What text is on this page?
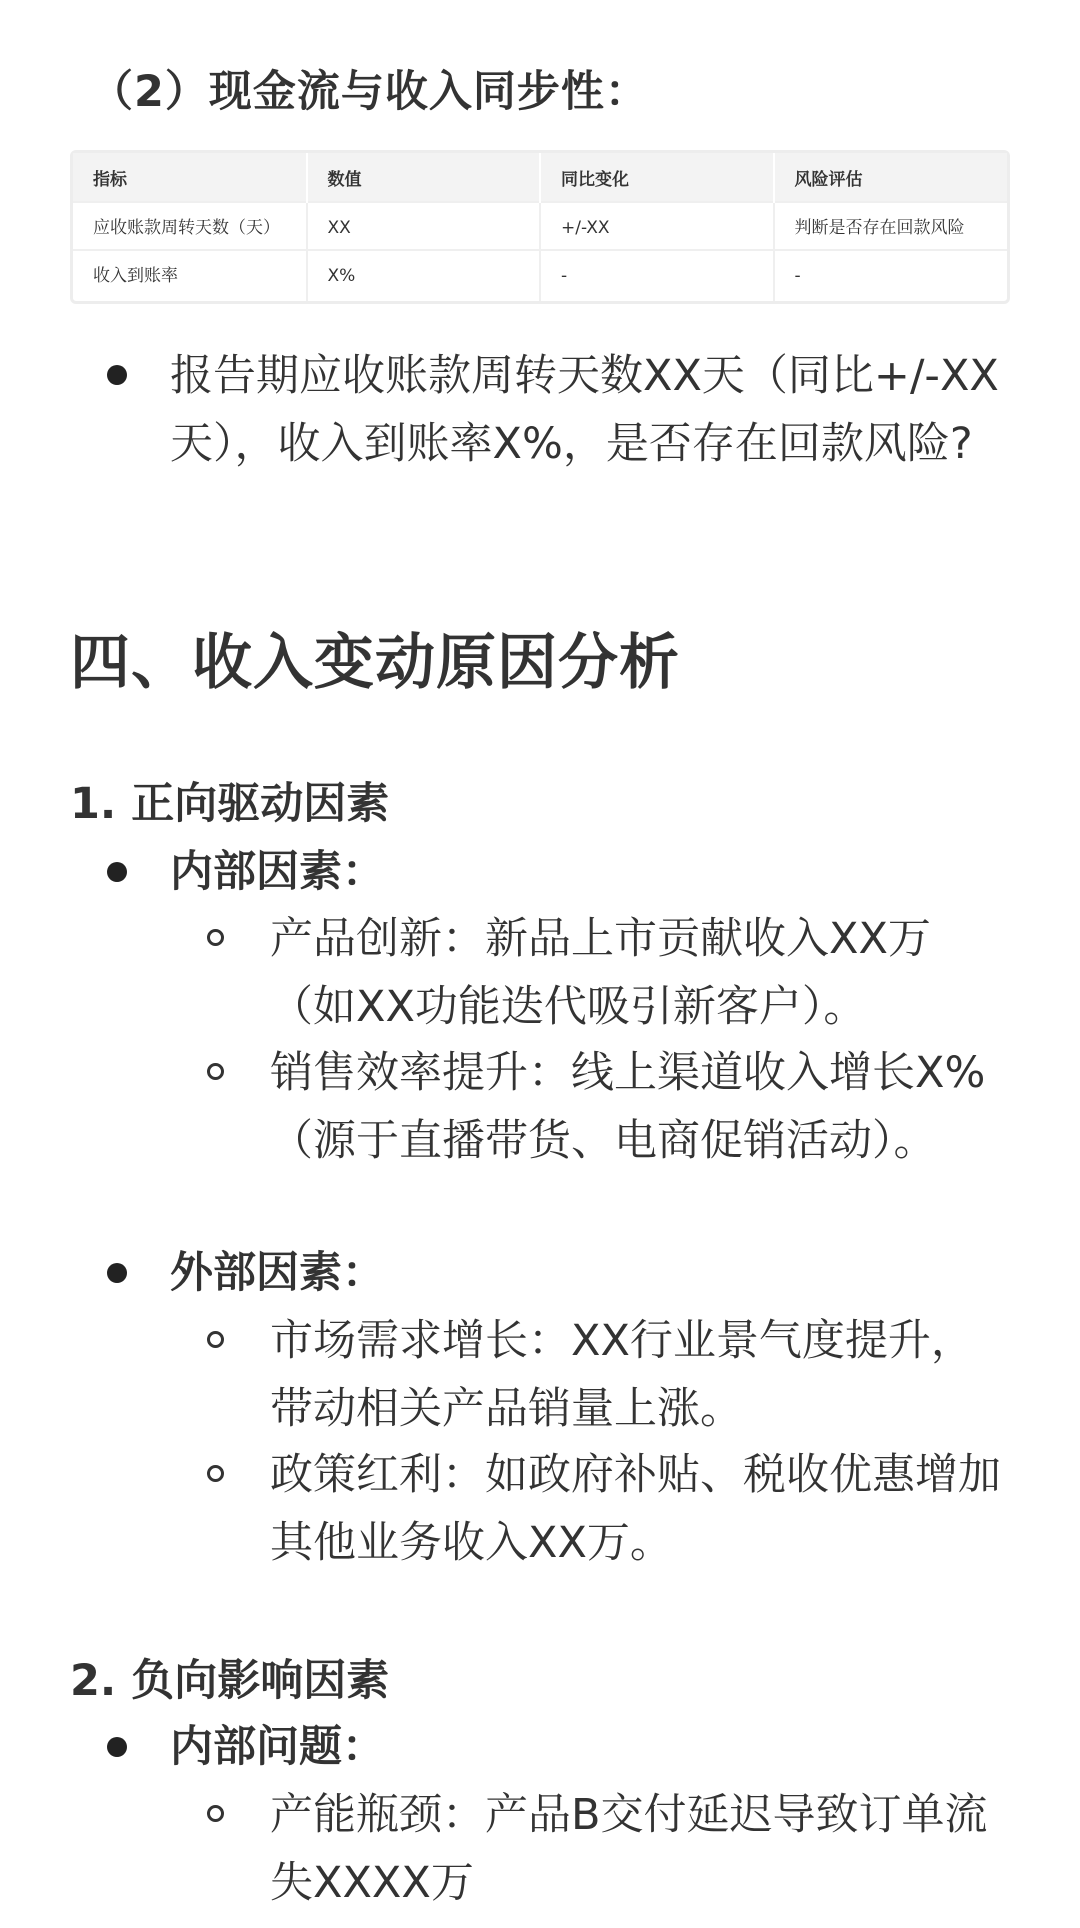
（2）现金流与收入同步性：
指标	数值	同比变化	风险评估
应收账款周转天数（天）	XX	+/-XX	判断是否存在回款风险
收入到账率	X%	-	-
报告期应收账款周转天数XX天（同比+/-XX天），收入到账率X%，是否存在回款风险?
四、收入变动原因分析
1. 正向驱动因素
内部因素：
产品创新：新品上市贡献收入XX万（如XX功能迭代吸引新客户）。
销售效率提升：线上渠道收入增长X%（源于直播带货、电商促销活动）。
外部因素：
市场需求增长：XX行业景气度提升，带动相关产品销量上涨。
政策红利：如政府补贴、税收优惠增加其他业务收入XX万。
2. 负向影响因素
内部问题：
产能瓶颈：产品B交付延迟导致订单流失XXXX万
